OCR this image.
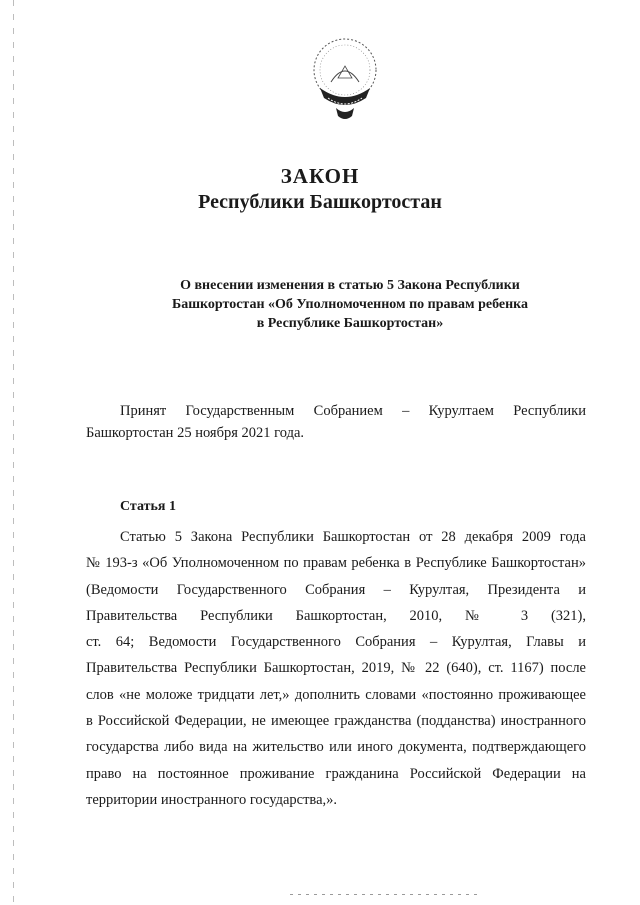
ЗАКОН
Республики Башкортостан
О внесении изменения в статью 5 Закона Республики
Башкортостан «Об Уполномоченном по правам ребенка
в Республике Башкортостан»
Принят Государственным Собранием – Курултаем Республики
Башкортостан 25 ноября 2021 года.
Статья 1
Статью 5 Закона Республики Башкортостан от 28 декабря 2009 года
№ 193-з «Об Уполномоченном по правам ребенка в Республике Башкортостан»
(Ведомости Государственного Собрания – Курултая, Президента и
Правительства Республики Башкортостан, 2010, № 3 (321),
ст. 64; Ведомости Государственного Собрания – Курултая, Главы и
Правительства Республики Башкортостан, 2019, № 22 (640), ст. 1167) после
слов «не моложе тридцати лет,» дополнить словами «постоянно проживающее
в Российской Федерации, не имеющее гражданства (подданства) иностранного
государства либо вида на жительство или иного документа, подтверждающего
право на постоянное проживание гражданина Российской Федерации на
территории иностранного государства,».
